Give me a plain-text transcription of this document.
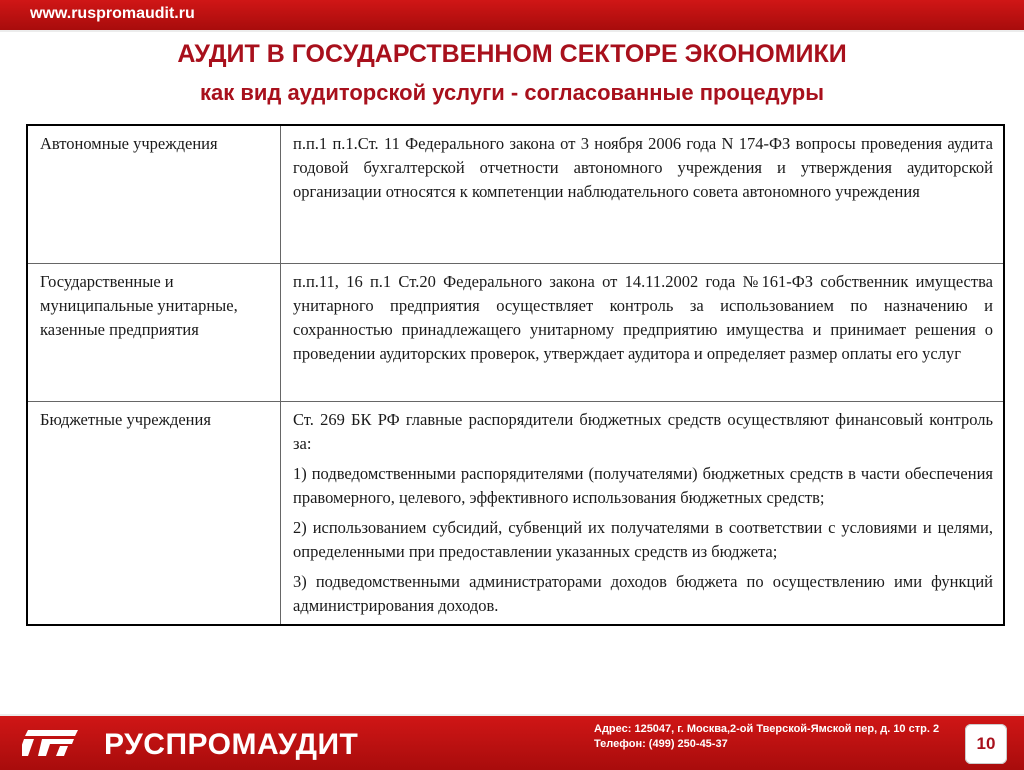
www.ruspromaudit.ru
АУДИТ В ГОСУДАРСТВЕННОМ СЕКТОРЕ ЭКОНОМИКИ
как вид аудиторской услуги - согласованные процедуры
Автономные учреждения	п.п.1 п.1.Ст. 11 Федерального закона от 3 ноября 2006 года N 174-ФЗ вопросы проведения аудита годовой бухгалтерской отчетности автономного учреждения и утверждения аудиторской организации относятся к компетенции наблюдательного совета автономного учреждения

Государственные и муниципальные унитарные, казенные предприятия	п.п.11, 16 п.1 Ст.20 Федерального закона от 14.11.2002 года №161-ФЗ собственник имущества унитарного предприятия осуществляет контроль за использованием по назначению и сохранностью принадлежащего унитарному предприятию имущества и принимает решения о проведении аудиторских проверок, утверждает аудитора и определяет размер оплаты его услуг

Бюджетные учреждения	Ст. 269 БК РФ главные распорядители бюджетных средств осуществляют финансовый контроль за:
1) подведомственными распорядителями (получателями) бюджетных средств в части обеспечения правомерного, целевого, эффективного использования бюджетных средств;
2) использованием субсидий, субвенций их получателями в соответствии с условиями и целями, определенными при предоставлении указанных средств из бюджета;
3) подведомственными администраторами доходов бюджета по осуществлению ими функций администрирования доходов.
РУСПРОМАУДИТ	Адрес: 125047, г. Москва,2-ой Тверской-Ямской пер, д. 10 стр. 2
Телефон: (499) 250-45-37	10
